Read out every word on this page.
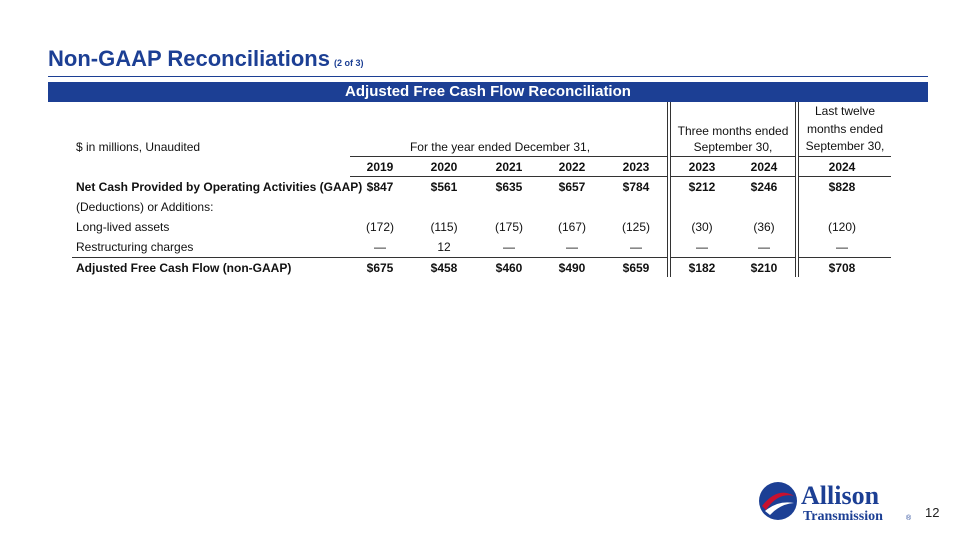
Non-GAAP Reconciliations (2 of 3)
Adjusted Free Cash Flow Reconciliation
$ in millions, Unaudited	For the year ended December 31,
Three months ended
September 30,
Last twelve
months ended
September 30,
2019	2020	2021	2022	2023	2023	2024	2024
Net Cash Provided by Operating Activities (GAAP) $847	$561	$635	$657	$784	$212	$246	$828
(Deductions) or Additions:
Long-lived assets	(172)	(115)	(175)	(167)	(125)	(30)	(36)	(120)
Restructuring charges	—	12	—	—	—	—	—	—
Adjusted Free Cash Flow (non-GAAP)	$675	$458	$460	$490	$659	$182	$210	$708
Allison
Transmission	® 12
